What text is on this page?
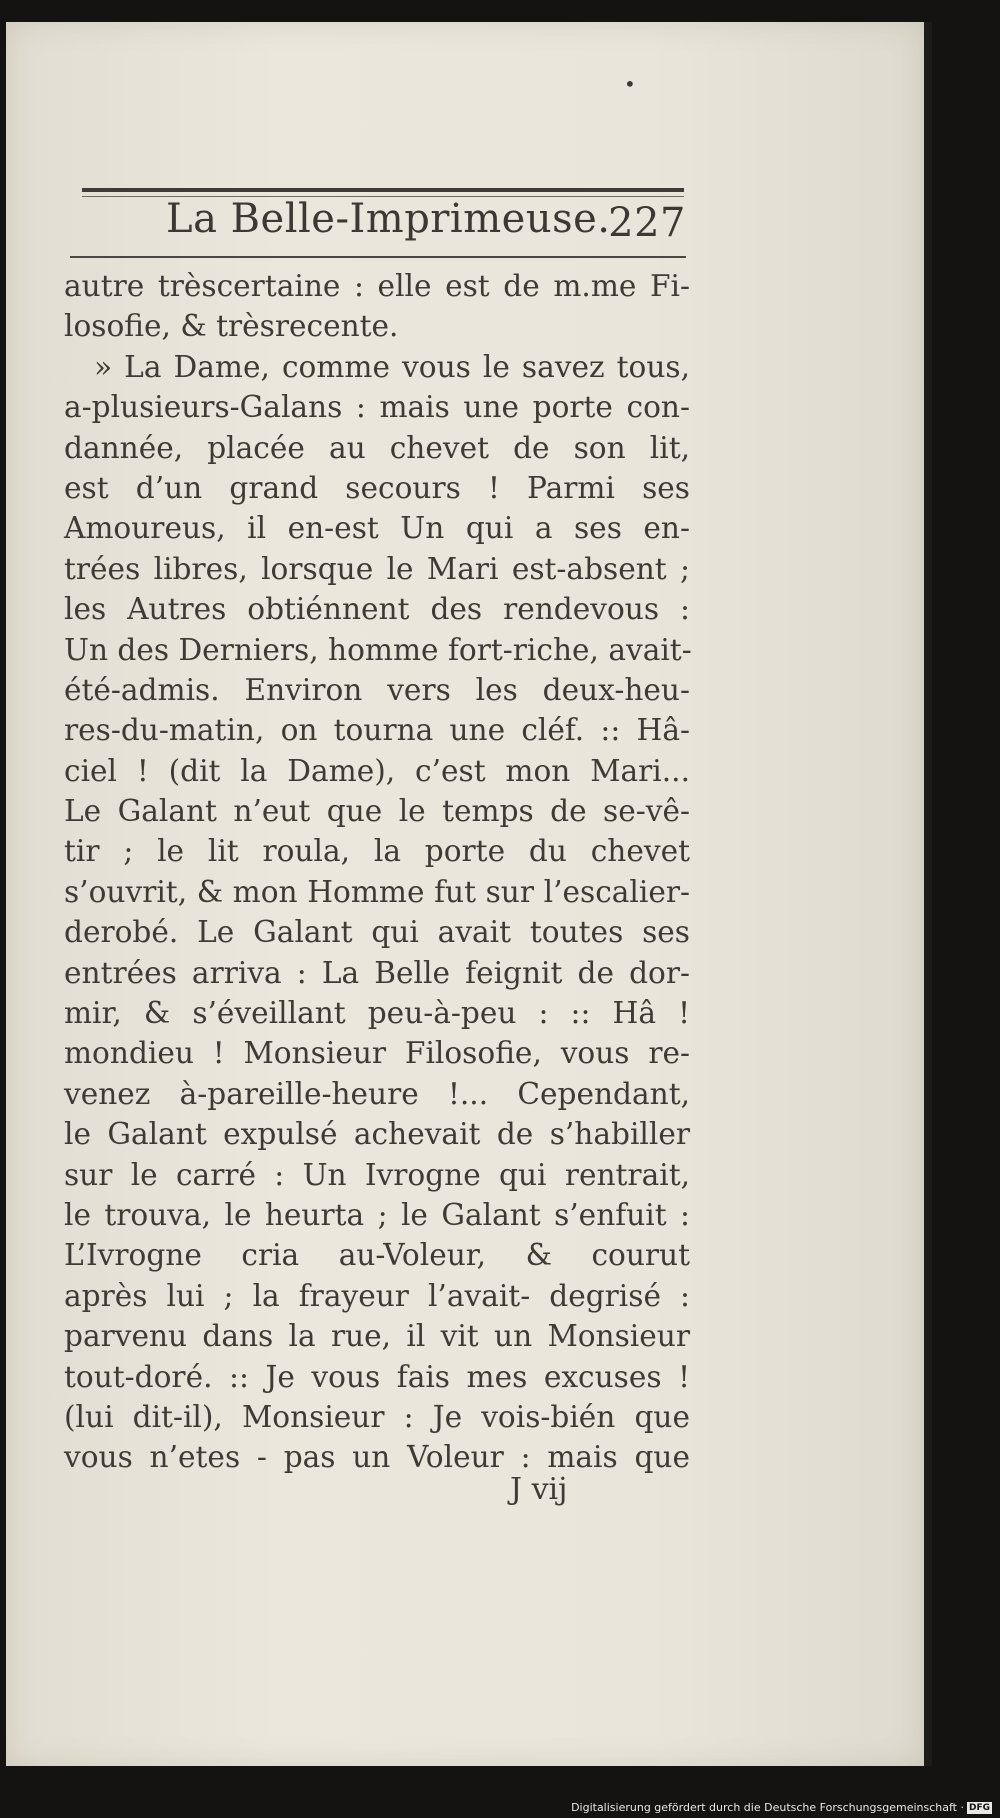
•
La Belle-Imprimeuse.
227
autre trèscertaine : elle est de m.me Fi-
losofie, & trèsrecente.
» La Dame, comme vous le savez tous,
a-plusieurs-Galans : mais une porte con-
dannée, placée au chevet de son lit,
est d’un grand secours ! Parmi ses
Amoureus, il en-est Un qui a ses en-
trées libres, lorsque le Mari est-absent ;
les Autres obtiénnent des rendevous :
Un des Derniers, homme fort-riche, avait-
été-admis. Environ vers les deux-heu-
res-du-matin, on tourna une cléf. :: Hâ-
ciel ! (dit la Dame), c’est mon Mari...
Le Galant n’eut que le temps de se-vê-
tir ; le lit roula, la porte du chevet
s’ouvrit, & mon Homme fut sur l’escalier-
derobé. Le Galant qui avait toutes ses
entrées arriva : La Belle feignit de dor-
mir, & s’éveillant peu-à-peu : :: Hâ !
mondieu ! Monsieur Filosofie, vous re-
venez à-pareille-heure !... Cependant,
le Galant expulsé achevait de s’habiller
sur le carré : Un Ivrogne qui rentrait,
le trouva, le heurta ; le Galant s’enfuit :
L’Ivrogne cria au-Voleur, & courut
après lui ; la frayeur l’avait- degrisé :
parvenu dans la rue, il vit un Monsieur
tout-doré. :: Je vous fais mes excuses !
(lui dit-il), Monsieur : Je vois-bién que
vous n’etes - pas un Voleur : mais que
J vij
Digitalisierung gefördert durch die Deutsche Forschungsgemeinschaft · DFG
